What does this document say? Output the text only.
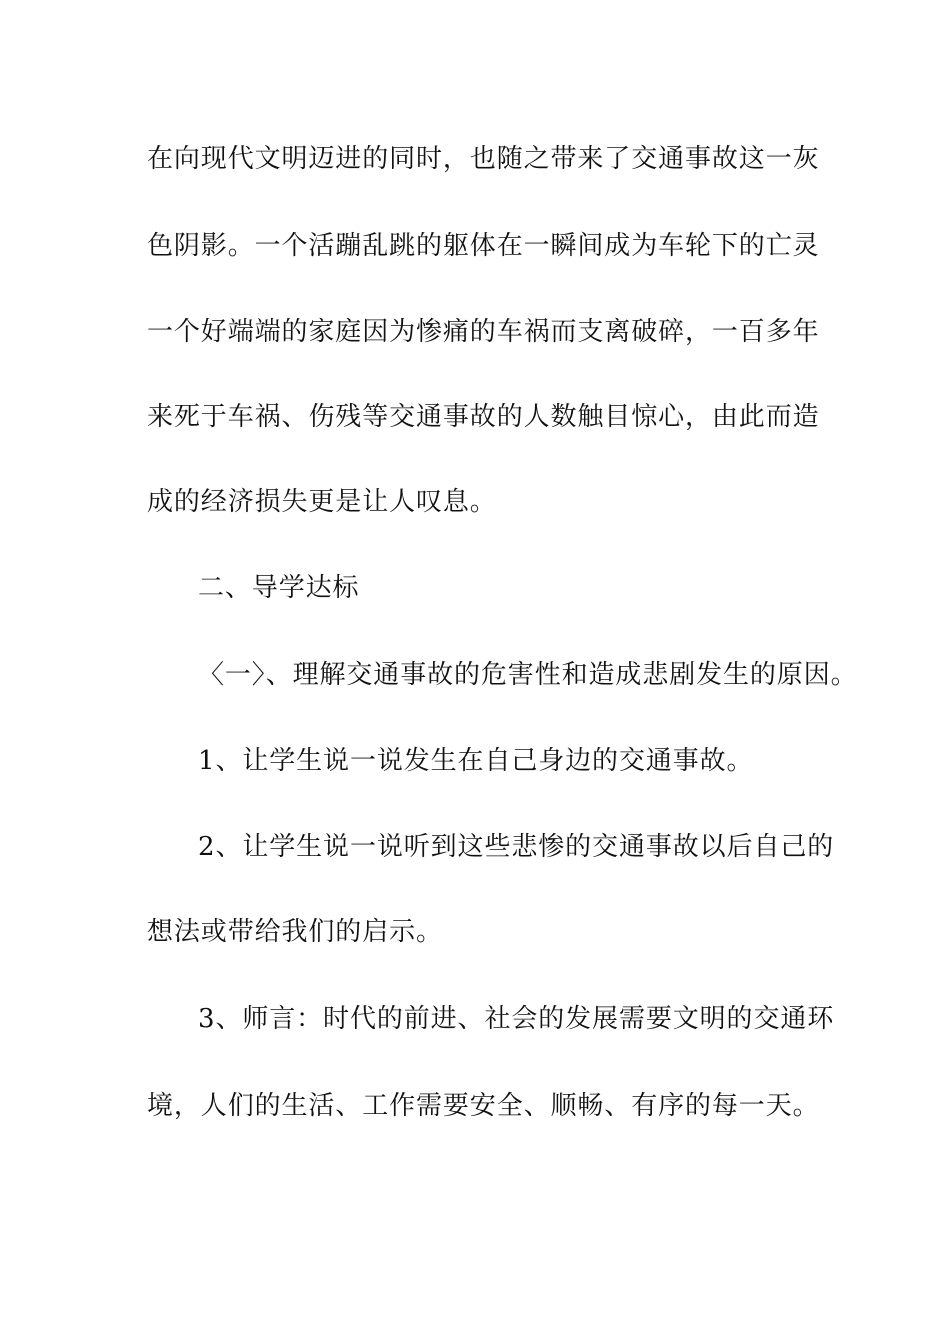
在向现代文明迈进的同时，也随之带来了交通事故这一灰
色阴影。一个活蹦乱跳的躯体在一瞬间成为车轮下的亡灵
一个好端端的家庭因为惨痛的车祸而支离破碎，一百多年
来死于车祸、伤残等交通事故的人数触目惊心，由此而造
成的经济损失更是让人叹息。
二、导学达标
〈一〉、理解交通事故的危害性和造成悲剧发生的原因。
1、让学生说一说发生在自己身边的交通事故。
2、让学生说一说听到这些悲惨的交通事故以后自己的
想法或带给我们的启示。
3、师言：时代的前进、社会的发展需要文明的交通环
境，人们的生活、工作需要安全、顺畅、有序的每一天。
